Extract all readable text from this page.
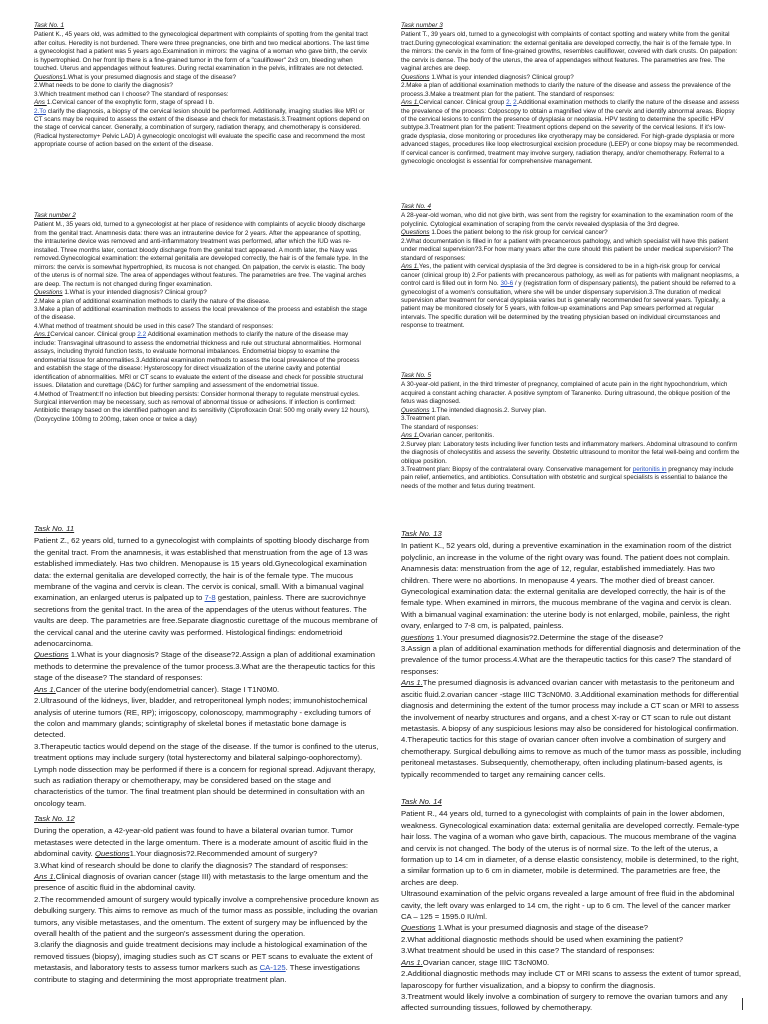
Task No. 1

Patient K., 45 years old, was admitted to the gynecological department with complaints of spotting from the genital tract after coitus. Heredity is not burdened. There were three pregnancies, one birth and two medical abortions. The last time a gynecologist had a patient was 5 years ago.Examination in mirrors: the vagina of a woman who gave birth, the cervix is hypertrophied. On her front lip there is a fine-grained tumor in the form of a "cauliflower" 2x3 cm, bleeding when touched. Uterus and appendages without features. During rectal examination in the pelvis, infiltrates are not detected.

Questions1.What is your presumed diagnosis and stage of the disease?

2.What needs to be done to clarify the diagnosis?

3.Which treatment method can I choose? The standard of responses:

Ans 1.Cervical cancer of the exophytic form, stage of spread I b.

2.To clarify the diagnosis, a biopsy of the cervical lesion should be performed. Additionally, imaging studies like MRI or CT scans may be required to assess the extent of the disease and check for metastasis.3.Treatment options depend on the stage of cervical cancer. Generally, a combination of surgery, radiation therapy, and chemotherapy is considered. (Radical hysterectomy+ Pelvic LAD) A gynecologic oncologist will evaluate the specific case and recommend the most appropriate course of action based on the extent of the disease.

Task number 2

Patient M., 35 years old, turned to a gynecologist at her place of residence with complaints of acyclic bloody discharge from the genital tract. Anamnesis data: there was an intrauterine device for 2 years. After the appearance of spotting, the intrauterine device was removed and anti-inflammatory treatment was performed, after which the IUD was re-installed. Three months later, contact bloody discharge from the genital tract appeared. A month later, the Navy was removed.Gynecological examination: the external genitalia are developed correctly, the hair is of the female type. In the mirrors: the cervix is somewhat hypertrophied, its mucosa is not changed. On palpation, the cervix is elastic. The body of the uterus is of normal size. The area of appendages without features. The parametries are free. The vaginal arches are deep. The rectum is not changed during finger examination.

Questions 1.What is your intended diagnosis? Clinical group?

2.Make a plan of additional examination methods to clarify the nature of the disease.

3.Make a plan of additional examination methods to assess the local prevalence of the process and establish the stage of the disease.

4.What method of treatment should be used in this case? The standard of responses:

Ans.1Cervical cancer. Clinical group 2.2 Additional examination methods to clarify the nature of the disease may include: Transvaginal ultrasound to assess the endometrial thickness and rule out structural abnormalities. Hormonal assays, including thyroid function tests, to evaluate hormonal imbalances. Endometrial biopsy to examine the endometrial tissue for abnormalities.3.Additional examination methods to assess the local prevalence of the process and establish the stage of the disease: Hysteroscopy for direct visualization of the uterine cavity and potential identification of abnormalities. MRI or CT scans to evaluate the extent of the disease and check for possible structural issues. Dilatation and curettage (D&C) for further sampling and assessment of the endometrial tissue.

4.Method of Treatment:If no infection but bleeding persists: Consider hormonal therapy to regulate menstrual cycles. Surgical intervention may be necessary, such as removal of abnormal tissue or adhesions. If infection is confirmed: Antibiotic therapy based on the identified pathogen and its sensitivity (Ciprofloxacin Oral: 500 mg orally every 12 hours), (Doxycycline 100mg to 200mg, taken once or twice a day)

Task number 3

Patient T., 39 years old, turned to a gynecologist with complaints of contact spotting and watery white from the genital tract.During gynecological examination: the external genitalia are developed correctly, the hair is of the female type. In the mirrors: the cervix in the form of fine-grained growths, resembles cauliflower, covered with dark crusts. On palpation: the cervix is dense. The body of the uterus, the area of appendages without features. The parametries are free. The vaginal arches are deep.

Questions 1.What is your intended diagnosis? Clinical group?

2.Make a plan of additional examination methods to clarify the nature of the disease and assess the prevalence of the process.3.Make a treatment plan for the patient. The standard of responses:

Ans 1.Cervical cancer. Clinical group 2. 2.Additional examination methods to clarify the nature of the disease and assess the prevalence of the process: Colposcopy to obtain a magnified view of the cervix and identify abnormal areas. Biopsy of the cervical lesions to confirm the presence of dysplasia or neoplasia. HPV testing to determine the specific HPV subtype.3.Treatment plan for the patient: Treatment options depend on the severity of the cervical lesions. If it's low-grade dysplasia, close monitoring or procedures like cryotherapy may be considered. For high-grade dysplasia or more advanced stages, procedures like loop electrosurgical excision procedure (LEEP) or cone biopsy may be recommended. If cervical cancer is confirmed, treatment may involve surgery, radiation therapy, and/or chemotherapy. Referral to a gynecologic oncologist is essential for comprehensive management.

Task No. 4

A 28-year-old woman, who did not give birth, was sent from the registry for examination to the examination room of the polyclinic. Cytological examination of scraping from the cervix revealed dysplasia of the 3rd degree.

Questions 1.Does the patient belong to the risk group for cervical cancer?

2.What documentation is filled in for a patient with precancerous pathology, and which specialist will have this patient under medical supervision?3.For how many years after the cure should this patient be under medical supervision? The standard of responses:

Ans 1.Yes, the patient with cervical dysplasia of the 3rd degree is considered to be in a high-risk group for cervical cancer (clinical group Ib) 2.For patients with precancerous pathology, as well as for patients with malignant neoplasms, a control card is filled out in form No. 30-6 / y (registration form of dispensary patients), the patient should be referred to a gynecologist of a women's consultation, where she will be under dispensary supervision.3.The duration of medical supervision after treatment for cervical dysplasia varies but is generally recommended for several years. Typically, a patient may be monitored closely for 5 years, with follow-up examinations and Pap smears performed at regular intervals. The specific duration will be determined by the treating physician based on individual circumstances and response to treatment.

Task No. 5

A 30-year-old patient, in the third trimester of pregnancy, complained of acute pain in the right hypochondrium, which acquired a constant aching character. A positive symptom of Taranenko. During ultrasound, the oblique position of the fetus was diagnosed.

Questions 1.The intended diagnosis.2. Survey plan.

3.Treatment plan.

The standard of responses:

Ans 1.Ovarian cancer, peritonitis.

2.Survey plan: Laboratory tests including liver function tests and inflammatory markers. Abdominal ultrasound to confirm the diagnosis of cholecystitis and assess the severity. Obstetric ultrasound to monitor the fetal well-being and confirm the oblique position.

3.Treatment plan: Biopsy of the contralateral ovary. Conservative management for peritonitis in pregnancy may include pain relief, antiemetics, and antibiotics. Consultation with obstetric and surgical specialists is essential to balance the needs of the mother and fetus during treatment.

Task No. 11

Patient Z., 62 years old, turned to a gynecologist with complaints of spotting bloody discharge from the genital tract. From the anamnesis, it was established that menstruation from the age of 13 was established immediately. Has two children. Menopause is 15 years old.Gynecological examination data: the external genitalia are developed correctly, the hair is of the female type. The mucous membrane of the vagina and cervix is clean. The cervix is conical, small. With a bimanual vaginal examination, an enlarged uterus is palpated up to 7-8 gestation, painless. There are sucrovichnye secretions from the genital tract. In the area of the appendages of the uterus without features. The vaults are deep. The parametries are free.Separate diagnostic curettage of the mucous membrane of the cervical canal and the uterine cavity was performed. Histological findings: endometrioid adenocarcinoma.

Questions 1.What is your diagnosis? Stage of the disease?2.Assign a plan of additional examination methods to determine the prevalence of the tumor process.3.What are the therapeutic tactics for this stage of the disease? The standard of responses:

Ans 1.Cancer of the uterine body(endometrial cancer). Stage I T1N0M0.

2.Ultrasound of the kidneys, liver, bladder, and retroperitoneal lymph nodes; immunohistochemical analysis of uterine tumors (RE, RP); irrigoscopy, colonoscopy, mammography - excluding tumors of the colon and mammary glands; scintigraphy of skeletal bones if metastatic bone damage is detected.

3.Therapeutic tactics would depend on the stage of the disease. If the tumor is confined to the uterus, treatment options may include surgery (total hysterectomy and bilateral salpingo-oophorectomy). Lymph node dissection may be performed if there is a concern for regional spread. Adjuvant therapy, such as radiation therapy or chemotherapy, may be considered based on the stage and characteristics of the tumor. The final treatment plan should be determined in consultation with an oncology team.

Task No. 12

During the operation, a 42-year-old patient was found to have a bilateral ovarian tumor. Tumor metastases were detected in the large omentum. There is a moderate amount of ascitic fluid in the abdominal cavity. Questions1.Your diagnosis?2.Recommended amount of surgery?

3.What kind of research should be done to clarify the diagnosis? The standard of responses:

Ans 1.Clinical diagnosis of ovarian cancer (stage III) with metastasis to the large omentum and the presence of ascitic fluid in the abdominal cavity.

2.The recommended amount of surgery would typically involve a comprehensive procedure known as debulking surgery. This aims to remove as much of the tumor mass as possible, including the ovarian tumors, any visible metastases, and the omentum. The extent of surgery may be influenced by the overall health of the patient and the surgeon's assessment during the operation.

3.clarify the diagnosis and guide treatment decisions may include a histological examination of the removed tissues (biopsy), imaging studies such as CT scans or PET scans to evaluate the extent of metastasis, and laboratory tests to assess tumor markers such as CA-125. These investigations contribute to staging and determining the most appropriate treatment plan.

Task No. 13

In patient K., 52 years old, during a preventive examination in the examination room of the district polyclinic, an increase in the volume of the right ovary was found. The patient does not complain. Anamnesis data: menstruation from the age of 12, regular, established immediately. Has two children. There were no abortions. In menopause 4 years. The mother died of breast cancer.

Gynecological examination data: the external genitalia are developed correctly, the hair is of the female type. When examined in mirrors, the mucous membrane of the vagina and cervix is clean. With a bimanual vaginal examination: the uterine body is not enlarged, mobile, painless, the right ovary, enlarged to 7-8 cm, is palpated, painless.

questions 1.Your presumed diagnosis?2.Determine the stage of the disease?

3.Assign a plan of additional examination methods for differential diagnosis and determination of the prevalence of the tumor process.4.What are the therapeutic tactics for this case? The standard of responses:

Ans 1.The presumed diagnosis is advanced ovarian cancer with metastasis to the peritoneum and ascitic fluid.2.ovarian cancer -stage IIIC T3cN0M0. 3.Additional examination methods for differential diagnosis and determining the extent of the tumor process may include a CT scan or MRI to assess the involvement of nearby structures and organs, and a chest X-ray or CT scan to rule out distant metastasis. A biopsy of any suspicious lesions may also be considered for histological confirmation.

4.Therapeutic tactics for this stage of ovarian cancer often involve a combination of surgery and chemotherapy. Surgical debulking aims to remove as much of the tumor mass as possible, including peritoneal metastases. Subsequently, chemotherapy, often including platinum-based agents, is typically recommended to target any remaining cancer cells.

Task No. 14

Patient R., 44 years old, turned to a gynecologist with complaints of pain in the lower abdomen, weakness. Gynecological examination data: external genitalia are developed correctly. Female-type hair loss. The vagina of a woman who gave birth, capacious. The mucous membrane of the vagina and cervix is not changed. The body of the uterus is of normal size. To the left of the uterus, a formation up to 14 cm in diameter, of a dense elastic consistency, mobile is determined, to the right, a similar formation up to 6 cm in diameter, mobile is determined. The parametries are free, the arches are deep.

Ultrasound examination of the pelvic organs revealed a large amount of free fluid in the abdominal cavity, the left ovary was enlarged to 14 cm, the right - up to 6 cm. The level of the cancer marker CA – 125 = 1595.0 IU/ml.

Questions 1.What is your presumed diagnosis and stage of the disease?

2.What additional diagnostic methods should be used when examining the patient?

3.What treatment should be used in this case? The standard of responses:

Ans 1.Ovarian cancer, stage IIIC T3cN0M0.

2.Additional diagnostic methods may include CT or MRI scans to assess the extent of tumor spread, laparoscopy for further visualization, and a biopsy to confirm the diagnosis.

3.Treatment would likely involve a combination of surgery to remove the ovarian tumors and any affected surrounding tissues, followed by chemotherapy.
